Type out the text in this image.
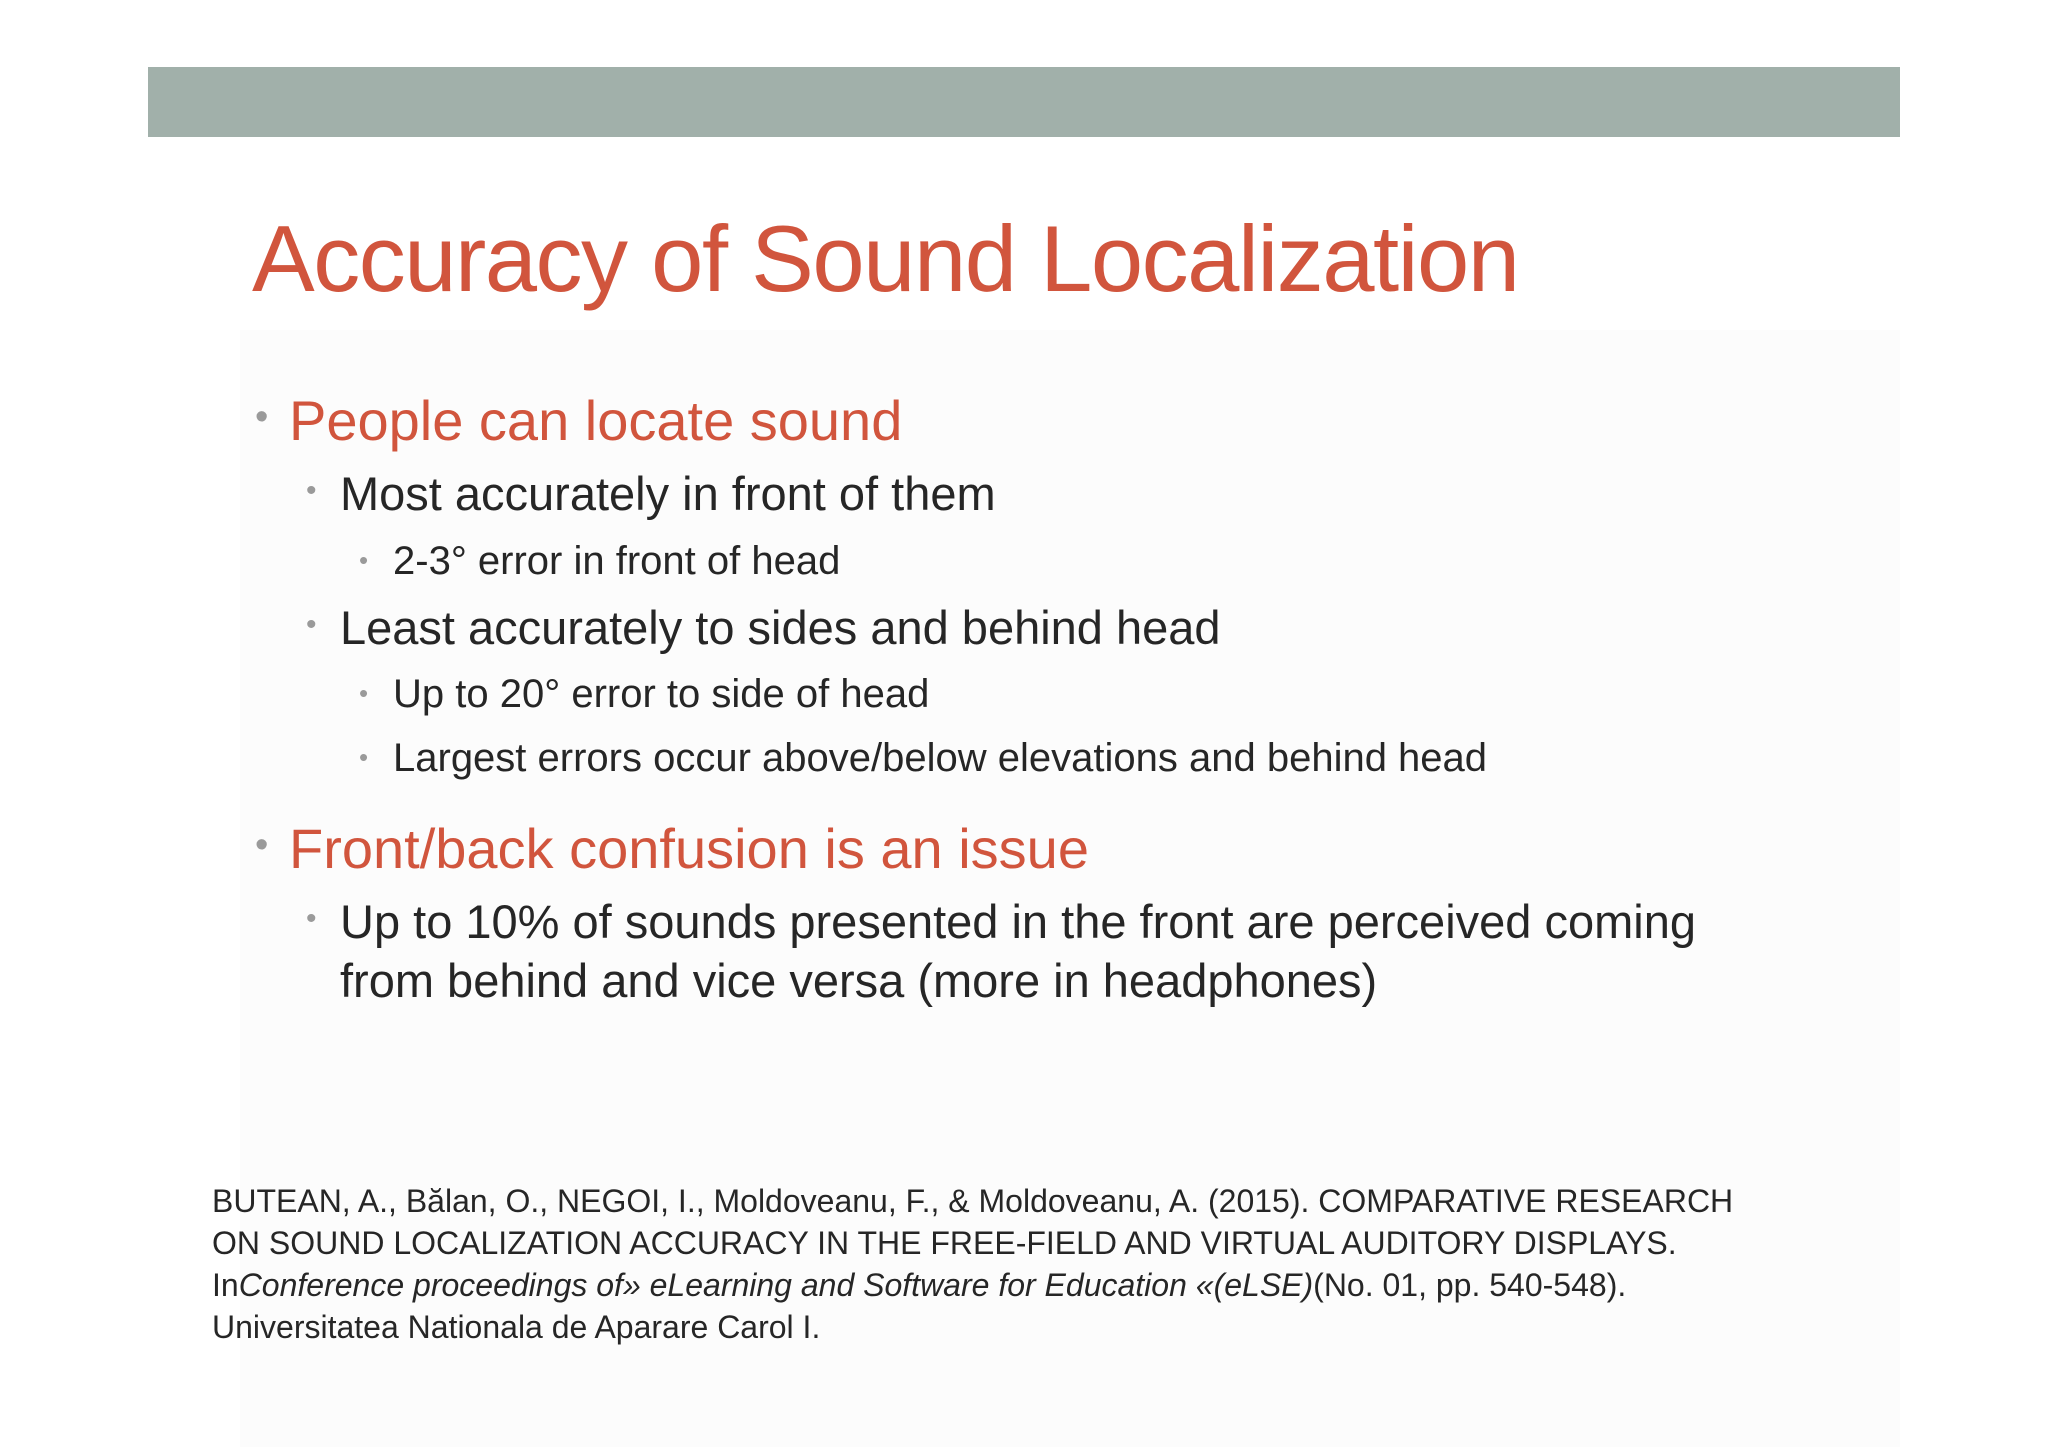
Accuracy of Sound Localization
• People can locate sound
• Most accurately in front of them
• 2-3° error in front of head
• Least accurately to sides and behind head
• Up to 20° error to side of head
• Largest errors occur above/below elevations and behind head
• Front/back confusion is an issue
• Up to 10% of sounds presented in the front are perceived coming
from behind and vice versa (more in headphones)
BUTEAN, A., Bălan, O., NEGOI, I., Moldoveanu, F., & Moldoveanu, A. (2015). COMPARATIVE RESEARCH
ON SOUND LOCALIZATION ACCURACY IN THE FREE-FIELD AND VIRTUAL AUDITORY DISPLAYS.
InConference proceedings of» eLearning and Software for Education «(eLSE)(No. 01, pp. 540-548).
Universitatea Nationala de Aparare Carol I.
